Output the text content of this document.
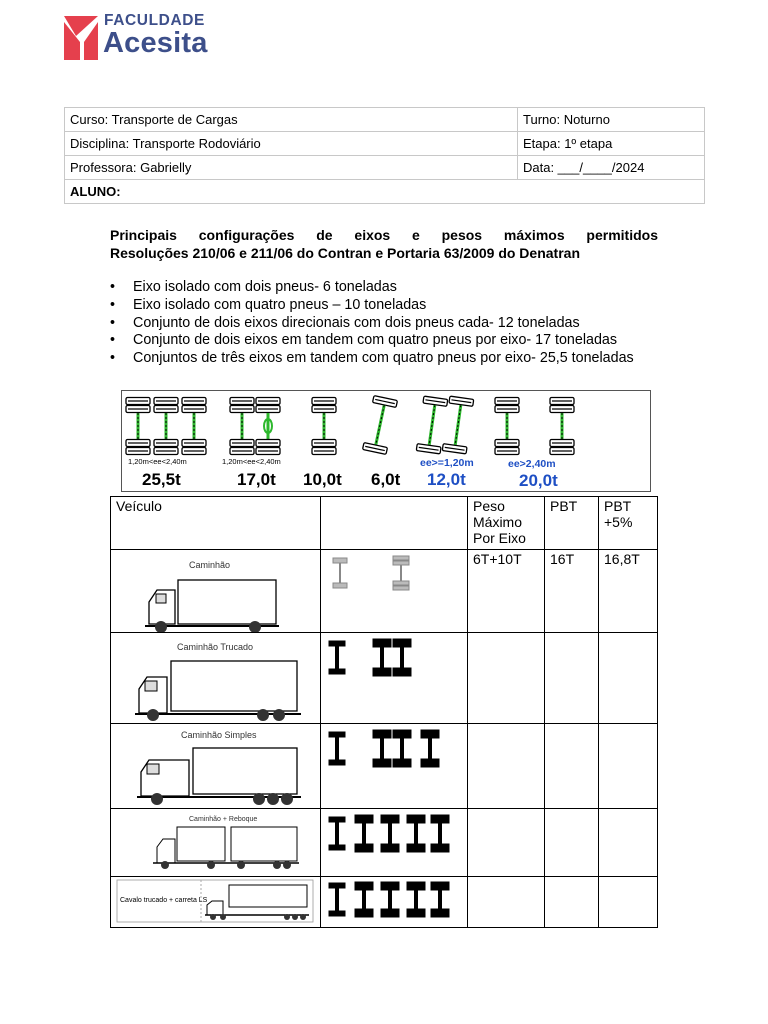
FACULDADE
Acesita
Curso: Transporte de Cargas	Turno: Noturno
Disciplina: Transporte Rodoviário	Etapa: 1º etapa
Professora: Gabrielly	Data: ___/____/2024
ALUNO:	
Principais configurações de eixos e pesos máximos permitidos
Resoluções 210/06 e 211/06 do Contran e Portaria 63/2009 do Denatran
• Eixo isolado com dois pneus- 6 toneladas
• Eixo isolado com quatro pneus – 10 toneladas
• Conjunto de dois eixos direcionais com dois pneus cada- 12 toneladas
• Conjunto de dois eixos em tandem com quatro pneus por eixo- 17 toneladas
• Conjuntos de três eixos em tandem com quatro pneus por eixo- 25,5 toneladas
1,20m<ee<2,40m
25,5t
1,20m<ee<2,40m
17,0t 10,0t 6,0t
ee>=1,20m
12,0t
ee>2,40m
20,0t
Veículo		Peso Máximo Por Eixo	PBT	PBT +5%

Caminhão		6T+10T	16T	16,8T

Caminhão Trucado

Caminhão Simples

Caminhão + Reboque

Cavalo trucado + carreta LS
